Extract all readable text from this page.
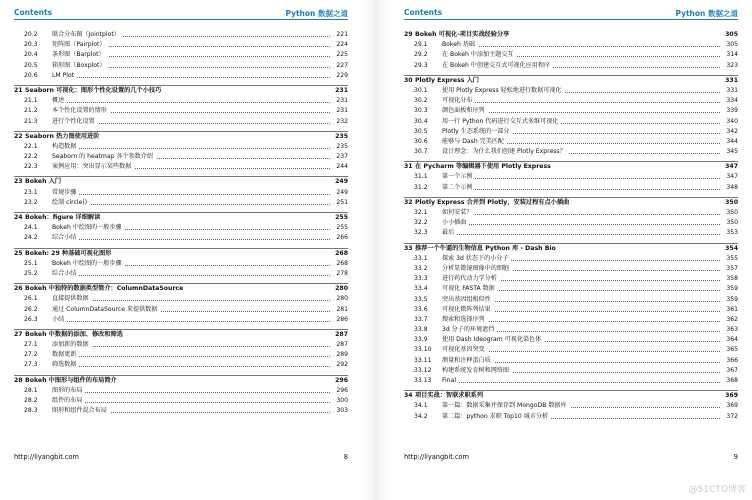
Contents	Python 数据之道
20.2 联合分布图（Jointplot）	221
20.3 矩阵图（Pairplot）	224
20.4 条形图（Barplot）	225
20.5 箱形图（Boxplot）	227
20.6 LM Plot	229
21 Seaborn 可视化：图形个性化设置的几个小技巧	231
21.1 概述	231
21.2 本个性化设置的情形	231
21.3 进行个性化设置	232
22 Seaborn 热力图使用进阶	235
22.1 构造数据	235
22.2 Seaborn 的 heatmap 各个参数介绍	237
22.3 案例应用：突出显示某些数据	244
23 Bokeh 入门	249
23.1 常规步骤	249
23.2 绘制 circle()	251
24 Bokeh：figure 详细解读	255
24.1 Bokeh 中绘图的一般步骤	255
24.2 综合小结	266
25 Bokeh: 29 种基础可视化图形	268
25.1 Bokeh 中绘图的一般步骤	268
25.2 综合小结	278
26 Bokeh 中独特的数据类型简介：ColumnDataSource	280
26.1 直接提供数据	280
26.2 通过 ColumnDataSource 来提供数据	281
26.3 小结	286
27 Bokeh 中数据的添加、修改和筛选	287
27.1 添加新的数据	287
27.2 数据更新	289
27.3 筛选数据	292
28 Bokeh 中图形与组件的布局简介	296
28.1 图形的布局	296
28.2 组件的布局	300
28.3 图形和组件混合布局	303
http://liyangbit.com	8
Contents	Python 数据之道
29 Bokeh 可视化-项目实战经验分享	305
29.1 Bokeh 基础	305
29.2 在 Bokeh 中添加主题交互	314
29.3 在 Bokeh 中创建交互式可视化应用程序	323
30 Plotly Express 入门	331
30.1 使用 Plotly Express 轻松地进行数据可视化	331
30.2 可视化分布	334
30.3 颜色面板和序列	339
30.4 用一行 Python 代码进行交互式多维可视化	340
30.5 Plotly 生态系统的一部分	342
30.6 能够与 Dash 完美匹配	344
30.7 设计理念：为什么我们创建 Plotly Express？	345
31 在 Pycharm 等编辑器下使用 Plotly Express	347
31.1 第一个示例	347
31.2 第二个示例	348
32 Plotly Express 合并到 Plotly，安装过程有点小插曲	350
32.1 如何安装？	350
32.2 小小插曲	350
32.3 最后	353
33 推荐一个牛逼的生物信息 Python 库 - Dash Bio	354
33.1 探索 3d 状态下的小分子	355
33.2 分析显微镜图像中的细胞	357
33.3 进行药代动力学分析	358
33.4 可视化 FASTA 数据	359
33.5 突出基因组相似性	359
33.6 可视化微阵列结果	361
33.7 搜索和选择序列	362
33.8 3d 分子的环境遮挡	363
33.9 使用 Dash Ideogram 可视化染色体	364
33.10 可视化基因突变	365
33.11 测量和注释蛋白质	366
33.12 构建系统发育树和网络图	367
33.13 Final	368
34 项目实战：智联求职系列	369
34.1 第一篇：数据采集并保存到 MongoDB 数据库	369
34.2 第二篇：python 求职 Top10 城市分析	372
http://liyangbit.com	9
@51CTO博客
